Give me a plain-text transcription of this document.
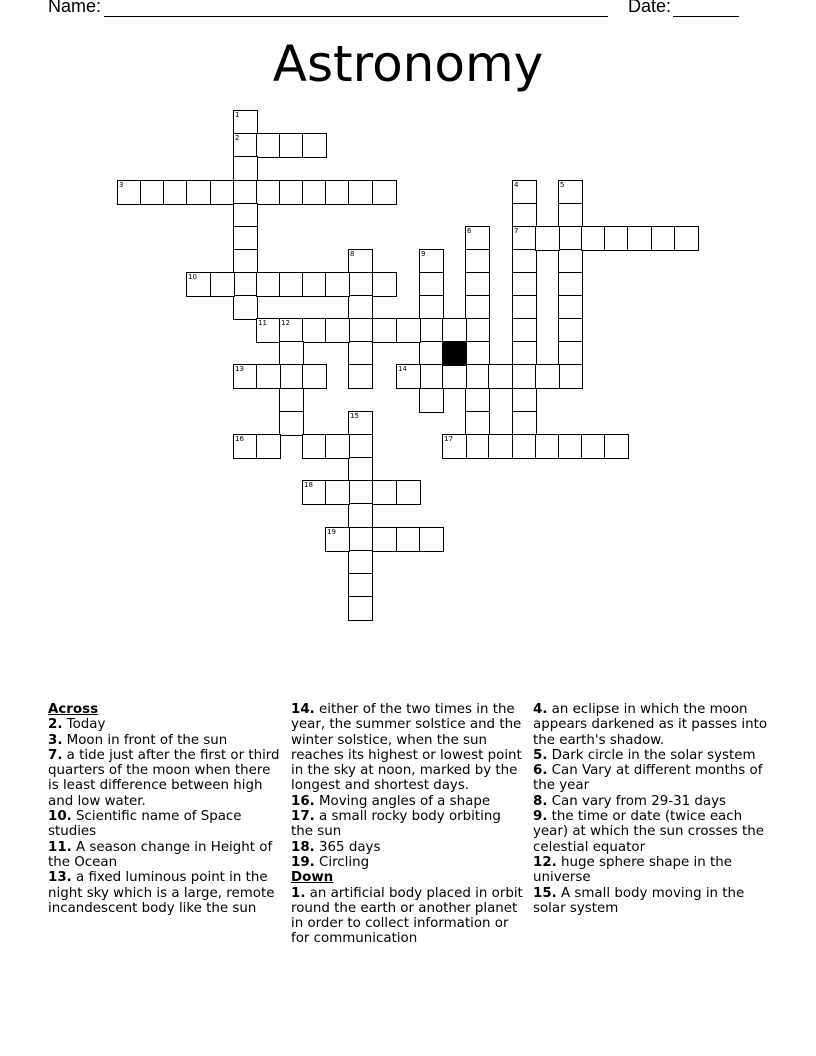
Name:	Date:
Astronomy
1
2
3	4
7
5
6
8	9
10
11 12
13	14
15
16	17
18
19
Across
2. Today
3. Moon in front of the sun
7. a tide just after the first or third quarters of the moon when there is least difference between high and low water.
10. Scientific name of Space studies
11. A season change in Height of the Ocean
13. a fixed luminous point in the night sky which is a large, remote incandescent body like the sun
14. either of the two times in the year, the summer solstice and the winter solstice, when the sun reaches its highest or lowest point in the sky at noon, marked by the longest and shortest days.
16. Moving angles of a shape
17. a small rocky body orbiting the sun
18. 365 days
19. Circling
Down
1. an artificial body placed in orbit round the earth or another planet in order to collect information or for communication
4. an eclipse in which the moon appears darkened as it passes into the earth's shadow.
5. Dark circle in the solar system
6. Can Vary at different months of the year
8. Can vary from 29-31 days
9. the time or date (twice each year) at which the sun crosses the celestial equator
12. huge sphere shape in the universe
15. A small body moving in the solar system
